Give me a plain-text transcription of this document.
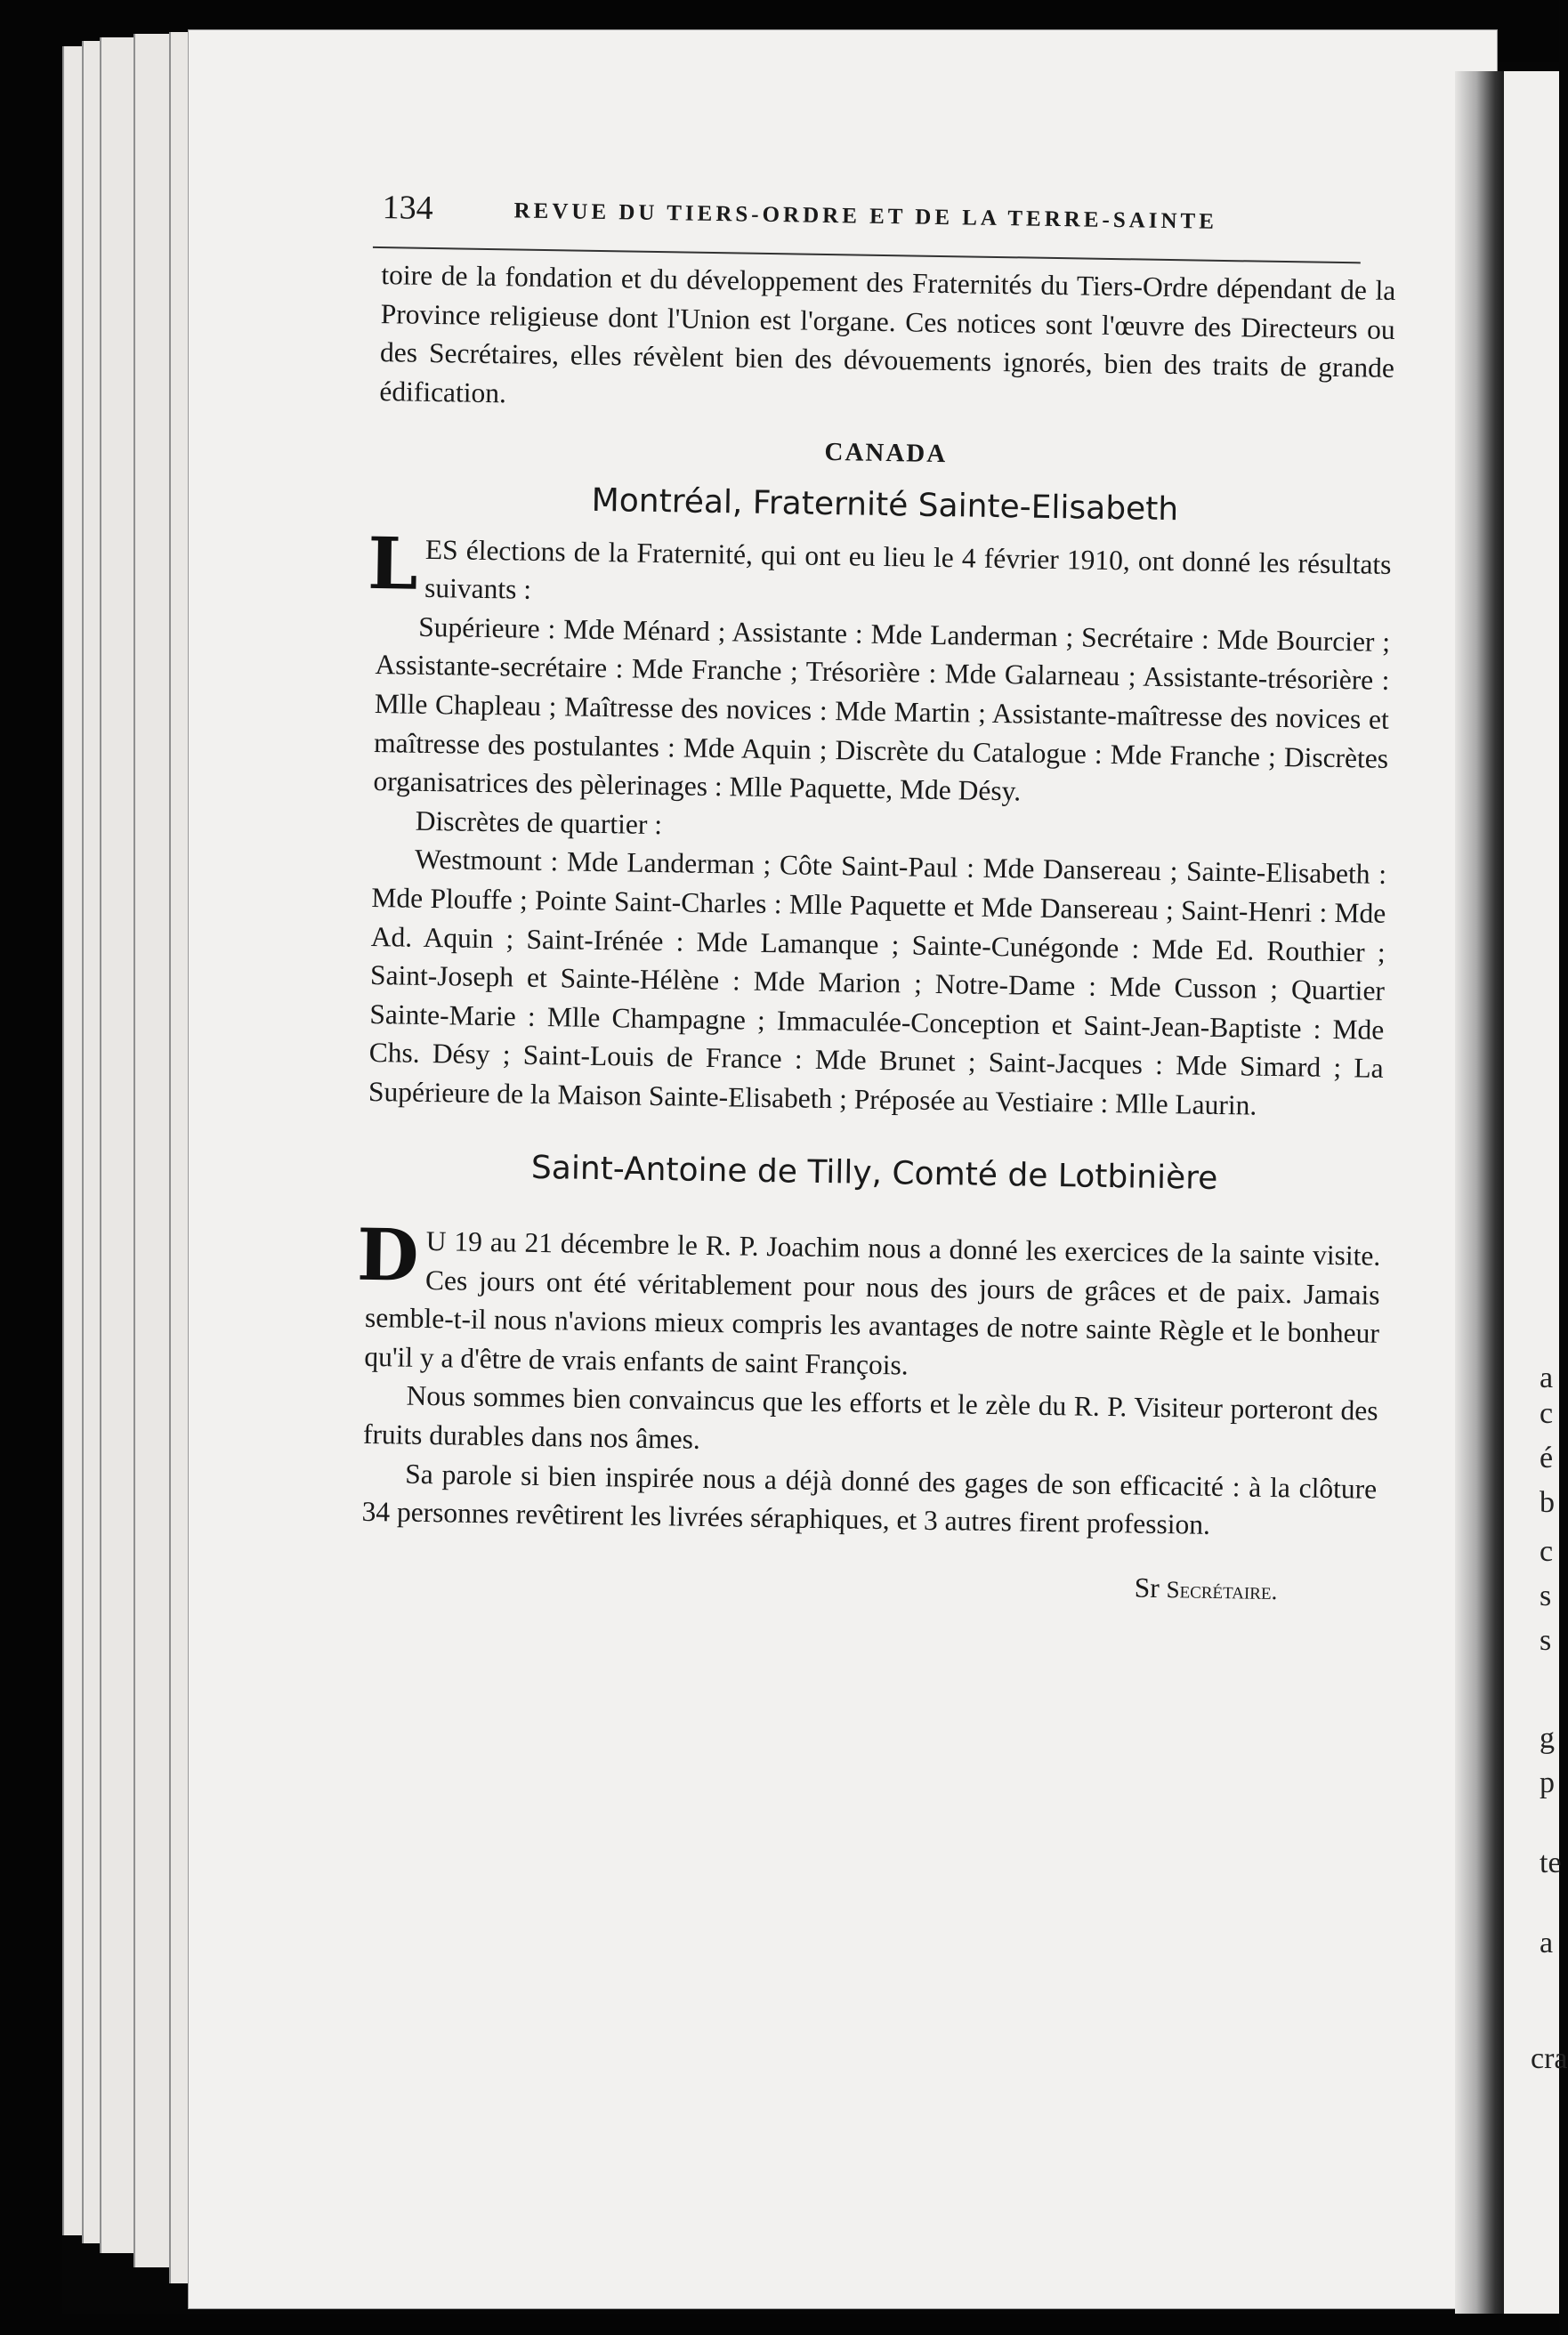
a
c
é
b
c
s
s
g
p
te
a
cra
134	REVUE DU TIERS-ORDRE ET DE LA TERRE-SAINTE

toire de la fondation et du développement des Fraternités du Tiers-Ordre dépendant de la Province religieuse dont l'Union est l'organe. Ces notices sont l'œuvre des Directeurs ou des Secrétaires, elles révèlent bien des dévouements ignorés, bien des traits de grande édification.

CANADA

Montréal, Fraternité Sainte-Elisabeth

LES élections de la Fraternité, qui ont eu lieu le 4 février 1910, ont donné les résultats suivants :

Supérieure : Mde Ménard ; Assistante : Mde Landerman ; Secrétaire : Mde Bourcier ; Assistante-secrétaire : Mde Franche ; Trésorière : Mde Galarneau ; Assistante-trésorière : Mlle Chapleau ; Maîtresse des novices : Mde Martin ; Assistante-maîtresse des novices et maîtresse des postulantes : Mde Aquin ; Discrète du Catalogue : Mde Franche ; Discrètes organisatrices des pèlerinages : Mlle Paquette, Mde Désy.

Discrètes de quartier :

Westmount : Mde Landerman ; Côte Saint-Paul : Mde Dansereau ; Sainte-Elisabeth : Mde Plouffe ; Pointe Saint-Charles : Mlle Paquette et Mde Dansereau ; Saint-Henri : Mde Ad. Aquin ; Saint-Irénée : Mde Lamanque ; Sainte-Cunégonde : Mde Ed. Routhier ; Saint-Joseph et Sainte-Hélène : Mde Marion ; Notre-Dame : Mde Cusson ; Quartier Sainte-Marie : Mlle Champagne ; Immaculée-Conception et Saint-Jean-Baptiste : Mde Chs. Désy ; Saint-Louis de France : Mde Brunet ; Saint-Jacques : Mde Simard ; La Supérieure de la Maison Sainte-Elisabeth ; Préposée au Vestiaire : Mlle Laurin.

Saint-Antoine de Tilly, Comté de Lotbinière

D U 19 au 21 décembre le R. P. Joachim nous a donné les exercices de la sainte visite. Ces jours ont été véritablement pour nous des jours de grâces et de paix. Jamais semble-t-il nous n'avions mieux compris les avantages de notre sainte Règle et le bonheur qu'il y a d'être de vrais enfants de saint François.

Nous sommes bien convaincus que les efforts et le zèle du R. P. Visiteur porteront des fruits durables dans nos âmes.

Sa parole si bien inspirée nous a déjà donné des gages de son efficacité : à la clôture 34 personnes revêtirent les livrées séraphiques, et 3 autres firent profession.

Sr Secrétaire.
